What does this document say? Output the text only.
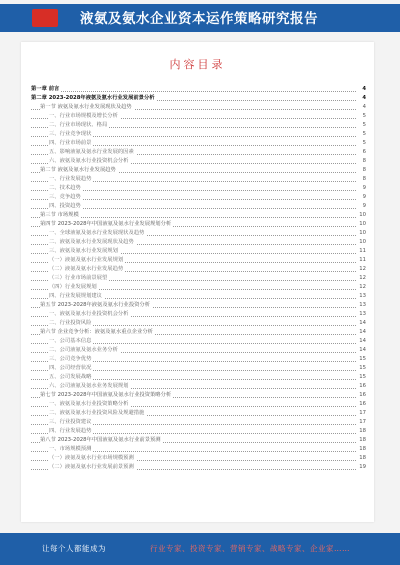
液氨及氨水企业资本运作策略研究报告
内容目录
第一章 前言	4
第二章 2023-2028年液氨及氨水行业发展前景分析	4
第一节 液氨及氨水行业发展现状及趋势	4
一、行业市场规模及增长分析	5
二、行业市场现状、格局	5
三、行业竞争现状	5
四、行业市场前景	5
五、影响液氨及氨水行业发展的因素	6
六、液氨及氨水行业投资机会分析	8
第二节 液氨及氨水行业发展趋势	8
一、行业发展趋势	8
二、技术趋势	9
三、竞争趋势	9
四、投资趋势	9
第三节 市场规模	10
第四节 2023-2028年中国液氨及氨水行业发展规划分析	10
一、全球液氨及氨水行业发展现状及趋势	10
二、液氨及氨水行业发展现状及趋势	10
三、液氨及氨水行业发展规划	11
（一）液氨及氨水行业发展规划	11
（二）液氨及氨水行业发展趋势	12
（三）行业市场前景展望	12
（四）行业发展规划	12
四、行业发展规划建议	13
第五节 2023-2028年液氨及氨水行业投资分析	13
一、液氨及氨水行业投资机会分析	13
二、行业投资风险	14
第六节 企业竞争分析：液氨及氨水重点企业分析	14
一、公司基本信息	14
二、公司液氨及氨水业务分析	14
三、公司竞争优势	15
四、公司经营状况	15
五、公司发展战略	15
六、公司液氨及氨水业务发展规划	16
第七节 2023-2028年中国液氨及氨水行业投资策略分析	16
一、液氨及氨水行业投资策略分析	16
二、液氨及氨水行业投资风险及规避措施	17
三、行业投资建议	17
四、行业发展趋势	18
第八节 2023-2028年中国液氨及氨水行业前景预测	18
一、市场规模预测	18
（一）液氨及氨水行业市场规模预测	18
（二）液氨及氨水行业发展前景预测	19
让每个人都能成为	行业专家、投资专家、营销专家、战略专家、企业家……
